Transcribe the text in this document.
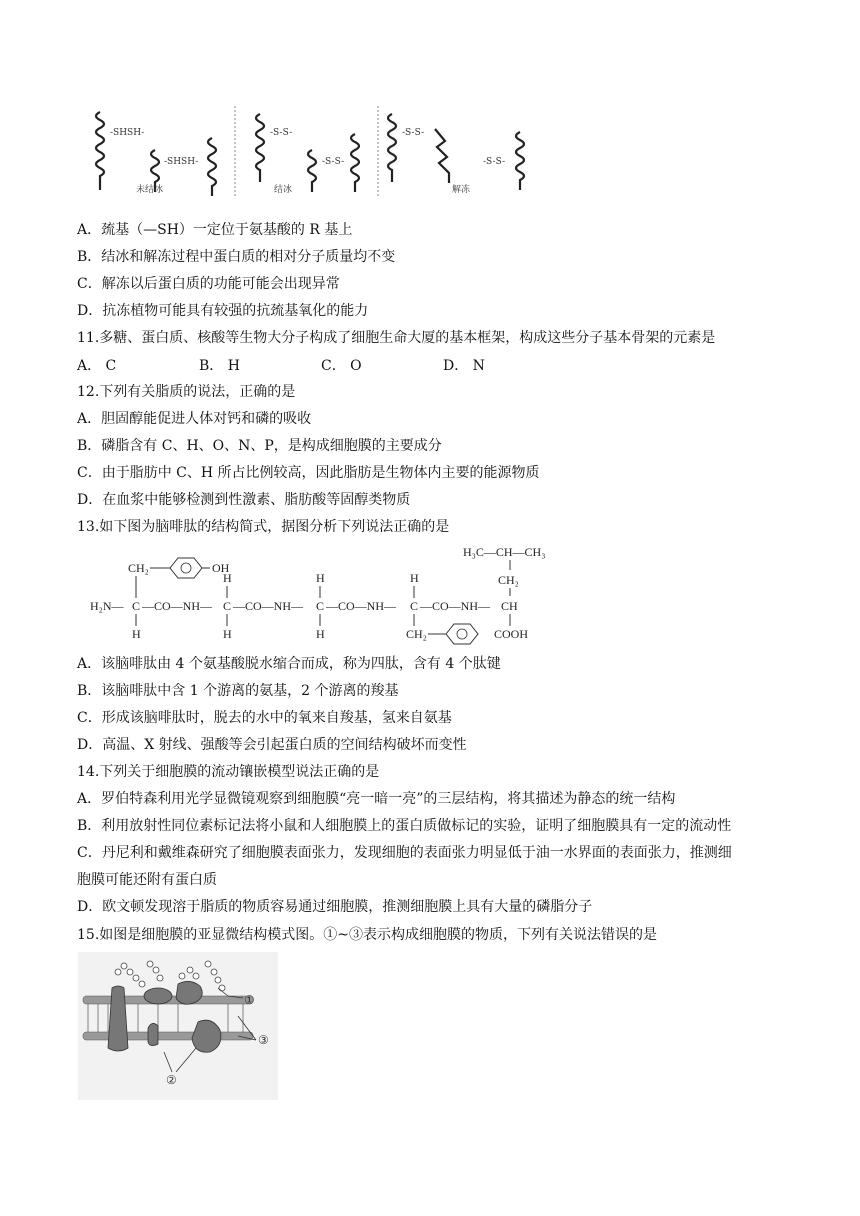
-SHSH-
-SHSH-
-S-S-
-S-S-
-S-S-
-S-S-
未结冰	结冰	解冻
A．巯基（—SH）一定位于氨基酸的 R 基上
B．结冰和解冻过程中蛋白质的相对分子质量均不变
C．解冻以后蛋白质的功能可能会出现异常
D．抗冻植物可能具有较强的抗巯基氧化的能力
11.多糖、蛋白质、核酸等生物大分子构成了细胞生命大厦的基本框架，构成这些分子基本骨架的元素是
A． C	B． H	C． O	D． N
12.下列有关脂质的说法，正确的是
A．胆固醇能促进人体对钙和磷的吸收
B．磷脂含有 C、H、O、N、P，是构成细胞膜的主要成分
C．由于脂肪中 C、H 所占比例较高，因此脂肪是生物体内主要的能源物质
D．在血浆中能够检测到性激素、脂肪酸等固醇类物质
13.如下图为脑啡肽的结构简式，据图分析下列说法正确的是
H₃C—CH—CH₃
CH₂
CH₂	OH
H	H	H
H₂N— C —CO—NH— C —CO—NH— C —CO—NH— C —CO—NH— CH
H	H	H	CH₂	COOH
A．该脑啡肽由 4 个氨基酸脱水缩合而成，称为四肽，含有 4 个肽键
B．该脑啡肽中含 1 个游离的氨基，2 个游离的羧基
C．形成该脑啡肽时，脱去的水中的氧来自羧基，氢来自氨基
D．高温、X 射线、强酸等会引起蛋白质的空间结构破坏而变性
14.下列关于细胞膜的流动镶嵌模型说法正确的是
A．罗伯特森利用光学显微镜观察到细胞膜“亮一暗一亮”的三层结构，将其描述为静态的统一结构
B．利用放射性同位素标记法将小鼠和人细胞膜上的蛋白质做标记的实验，证明了细胞膜具有一定的流动性
C．丹尼利和戴维森研究了细胞膜表面张力，发现细胞的表面张力明显低于油一水界面的表面张力，推测细
胞膜可能还附有蛋白质
D．欧文顿发现溶于脂质的物质容易通过细胞膜，推测细胞膜上具有大量的磷脂分子
15.如图是细胞膜的亚显微结构模式图。①~③表示构成细胞膜的物质，下列有关说法错误的是
①
③
②
